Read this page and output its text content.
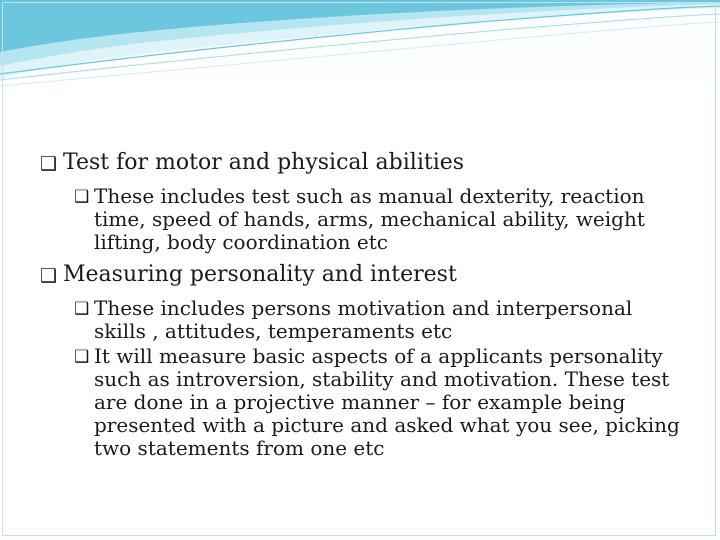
❑ Test for motor and physical abilities
❑ These includes test such as manual dexterity, reaction time, speed of hands, arms, mechanical ability, weight lifting, body coordination etc
❑ Measuring personality and interest
❑ These includes persons motivation and interpersonal skills , attitudes, temperaments etc
❑ It will measure basic aspects of a applicants personality such as introversion, stability and motivation. These test are done in a projective manner – for example being presented with a picture and asked what you see, picking two statements from one etc
